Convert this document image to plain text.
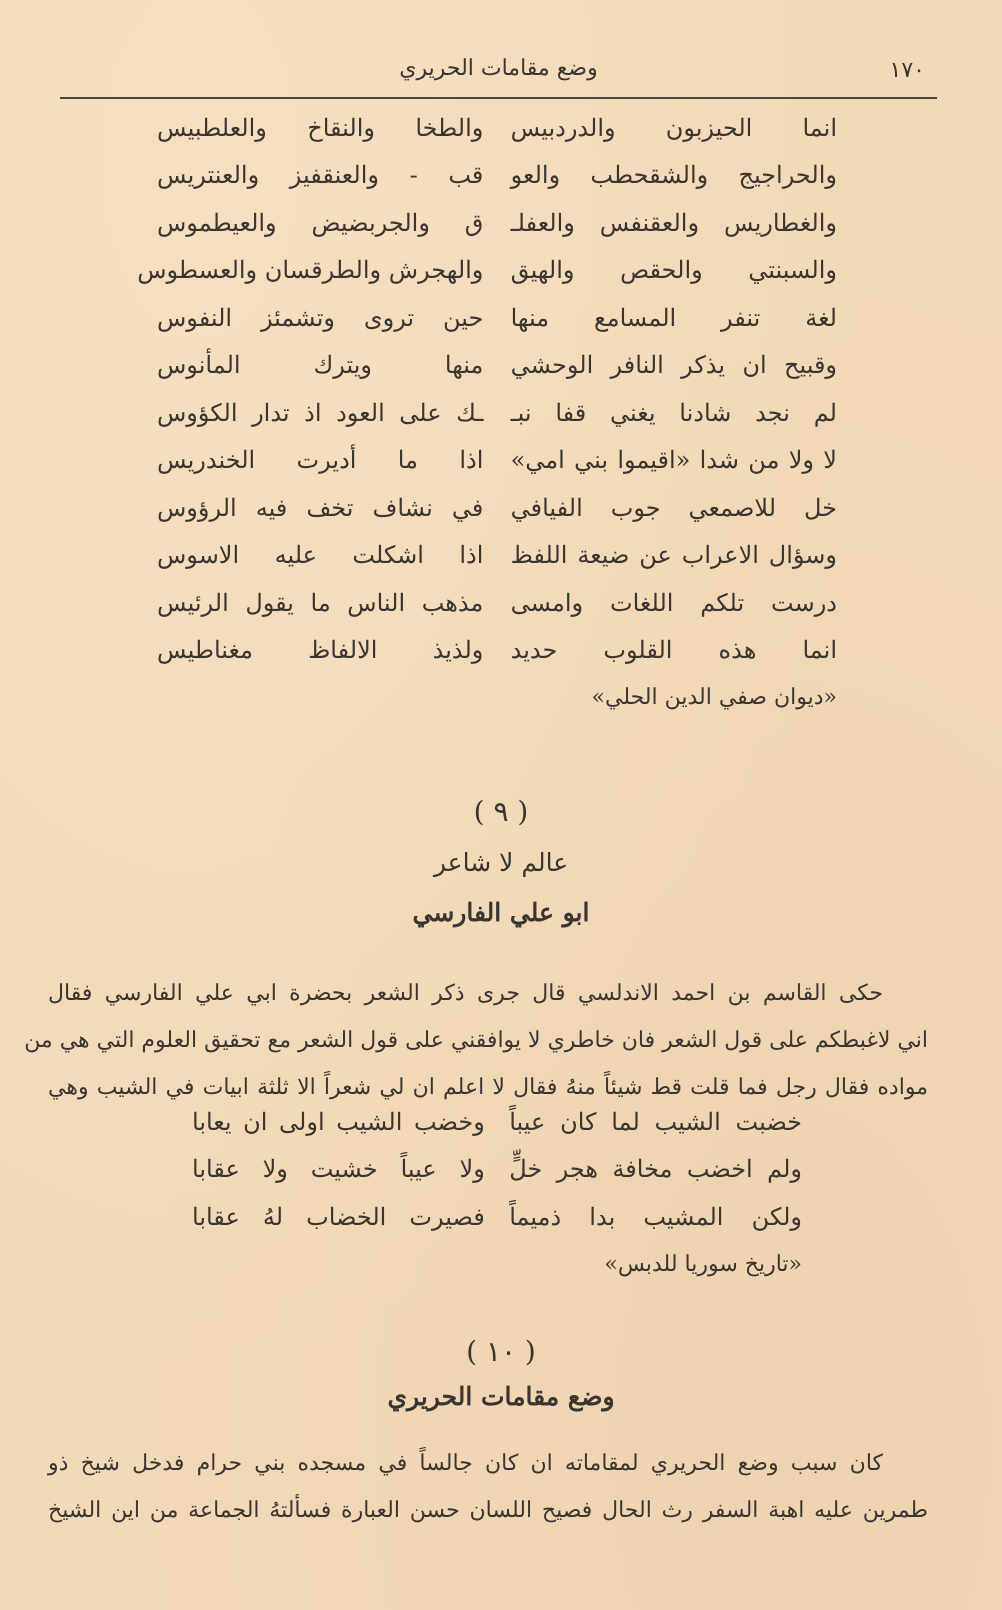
١٧٠
وضع مقامات الحريري
انما الحيزبون والدردبيس
والطخا والنقاخ والعلطبيس
والحراجيج والشقحطب والعو
قب - والعنقفيز والعنتريس
والغطاريس والعقنفس والعفلـ
ق والجربضيض والعيطموس
والسبنتي والحقص والهيق
والهجرش والطرقسان والعسطوس
لغة تنفر المسامع منها
حين تروى وتشمئز النفوس
وقبيح ان يذكر النافر الوحشي
منها ويترك المأنوس
لم نجد شادنا يغني قفا نبـ
ـك على العود اذ تدار الكؤوس
لا ولا من شدا «اقيموا بني امي»
اذا ما أديرت الخندريس
خل للاصمعي جوب الفيافي
في نشاف تخف فيه الرؤوس
وسؤال الاعراب عن ضيعة اللفظ
اذا اشكلت عليه الاسوس
درست تلكم اللغات وامسى
مذهب الناس ما يقول الرئيس
انما هذه القلوب حديد
ولذيذ الالفاظ مغناطيس
«ديوان صفي الدين الحلي»
( ٩ )
عالم لا شاعر
ابو علي الفارسي
حكى القاسم بن احمد الاندلسي قال جرى ذكر الشعر بحضرة ابي علي الفارسي فقال
اني لاغبطكم على قول الشعر فان خاطري لا يوافقني على قول الشعر مع تحقيق العلوم التي هي من
مواده فقال رجل فما قلت قط شيئاً منهُ فقال لا اعلم ان لي شعراً الا ثلثة ابيات في الشيب وهي
خضبت الشيب لما كان عيباً
وخضب الشيب اولى ان يعابا
ولم اخضب مخافة هجر خلٍّ
ولا عيباً خشيت ولا عقابا
ولكن المشيب بدا ذميماً
فصيرت الخضاب لهُ عقابا
«تاريخ سوريا للدبس»
( ١٠ )
وضع مقامات الحريري
كان سبب وضع الحريري لمقاماته ان كان جالساً في مسجده بني حرام فدخل شيخ ذو
طمرين عليه اهبة السفر رث الحال فصيح اللسان حسن العبارة فسألتهُ الجماعة من اين الشيخ
